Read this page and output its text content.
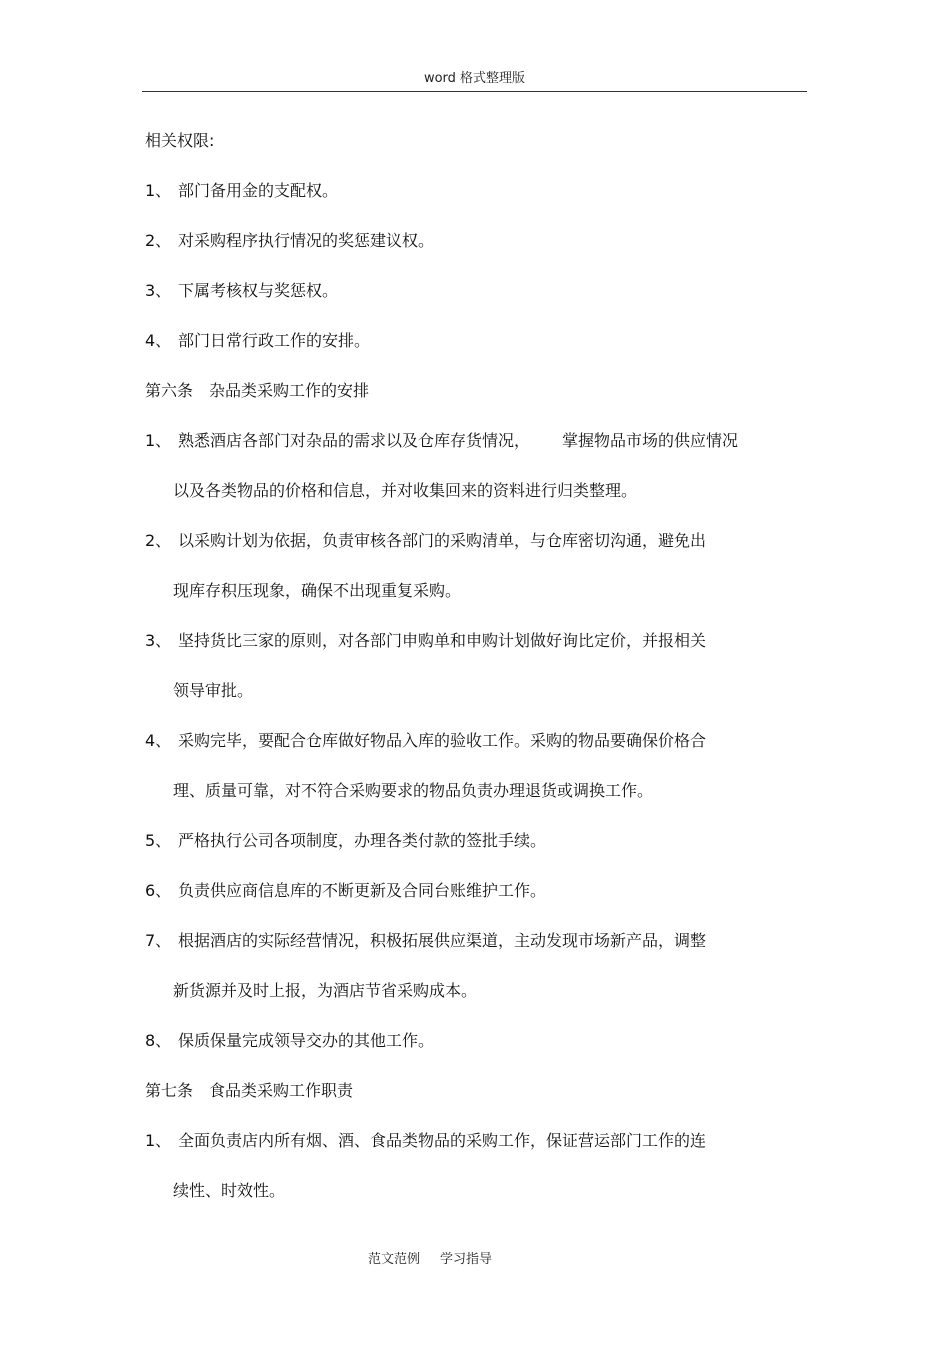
word 格式整理版
相关权限:
1、 部门备用金的支配权。
2、 对采购程序执行情况的奖惩建议权。
3、 下属考核权与奖惩权。
4、 部门日常行政工作的安排。
第六条 杂品类采购工作的安排
1、 熟悉酒店各部门对杂品的需求以及仓库存货情况， 掌握物品市场的供应情况
以及各类物品的价格和信息，并对收集回来的资料进行归类整理。
2、 以采购计划为依据，负责审核各部门的采购清单，与仓库密切沟通，避免出
现库存积压现象，确保不出现重复采购。
3、 坚持货比三家的原则，对各部门申购单和申购计划做好询比定价，并报相关
领导审批。
4、 采购完毕，要配合仓库做好物品入库的验收工作。采购的物品要确保价格合
理、质量可靠，对不符合采购要求的物品负责办理退货或调换工作。
5、 严格执行公司各项制度，办理各类付款的签批手续。
6、 负责供应商信息库的不断更新及合同台账维护工作。
7、 根据酒店的实际经营情况，积极拓展供应渠道，主动发现市场新产品，调整
新货源并及时上报，为酒店节省采购成本。
8、 保质保量完成领导交办的其他工作。
第七条 食品类采购工作职责
1、 全面负责店内所有烟、酒、食品类物品的采购工作，保证营运部门工作的连
续性、时效性。
范文范例 学习指导
